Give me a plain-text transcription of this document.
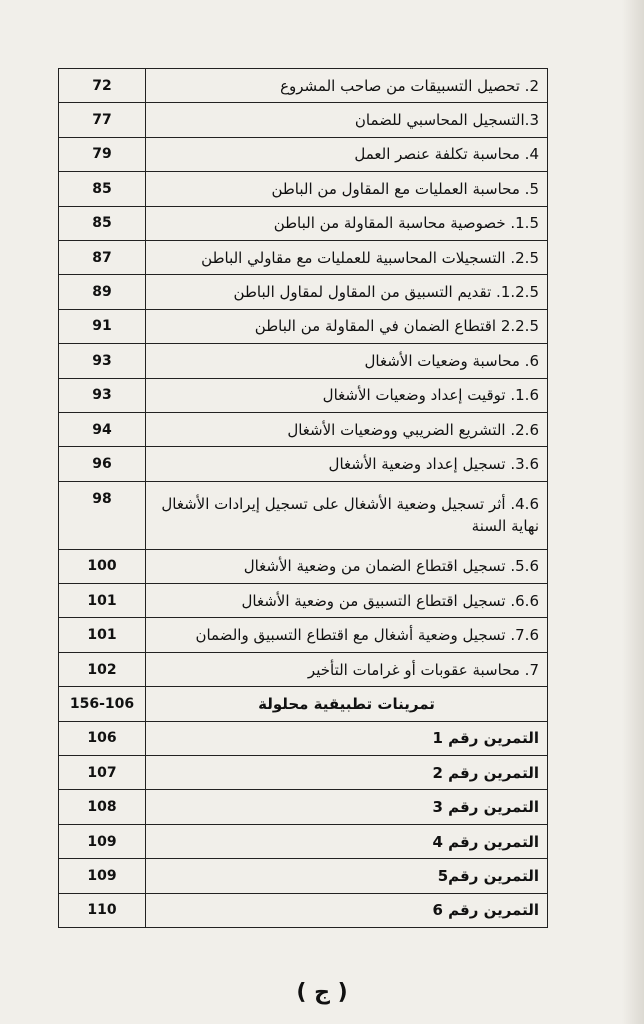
72	2. تحصيل التسبيقات من صاحب المشروع
77	3.التسجيل المحاسبي للضمان
79	4. محاسبة تكلفة عنصر العمل
85	5. محاسبة العمليات مع المقاول من الباطن
85	1.5. خصوصية محاسبة المقاولة من الباطن
87	2.5. التسجيلات المحاسبية للعمليات مع مقاولي الباطن
89	1.2.5. تقديم التسبيق من المقاول لمقاول الباطن
91	2.2.5 اقتطاع الضمان في المقاولة من الباطن
93	6. محاسبة وضعيات الأشغال
93	1.6. توقيت إعداد وضعيات الأشغال
94	2.6. التشريع الضريبي ووضعيات الأشغال
96	3.6. تسجيل إعداد وضعية الأشغال
98	4.6. أثر تسجيل وضعية الأشغال على تسجيل إيرادات الأشغال نهاية السنة
100	5.6. تسجيل اقتطاع الضمان من وضعية الأشغال
101	6.6. تسجيل اقتطاع التسبيق من وضعية الأشغال
101	7.6. تسجيل وضعية أشغال مع اقتطاع التسبيق والضمان
102	7. محاسبة عقوبات أو غرامات التأخير
156-106	تمرينات تطبيقية محلولة
106	التمرين رقم 1
107	التمرين رقم 2
108	التمرين رقم 3
109	التمرين رقم 4
109	التمرين رقم5
110	التمرين رقم 6
( ج )
